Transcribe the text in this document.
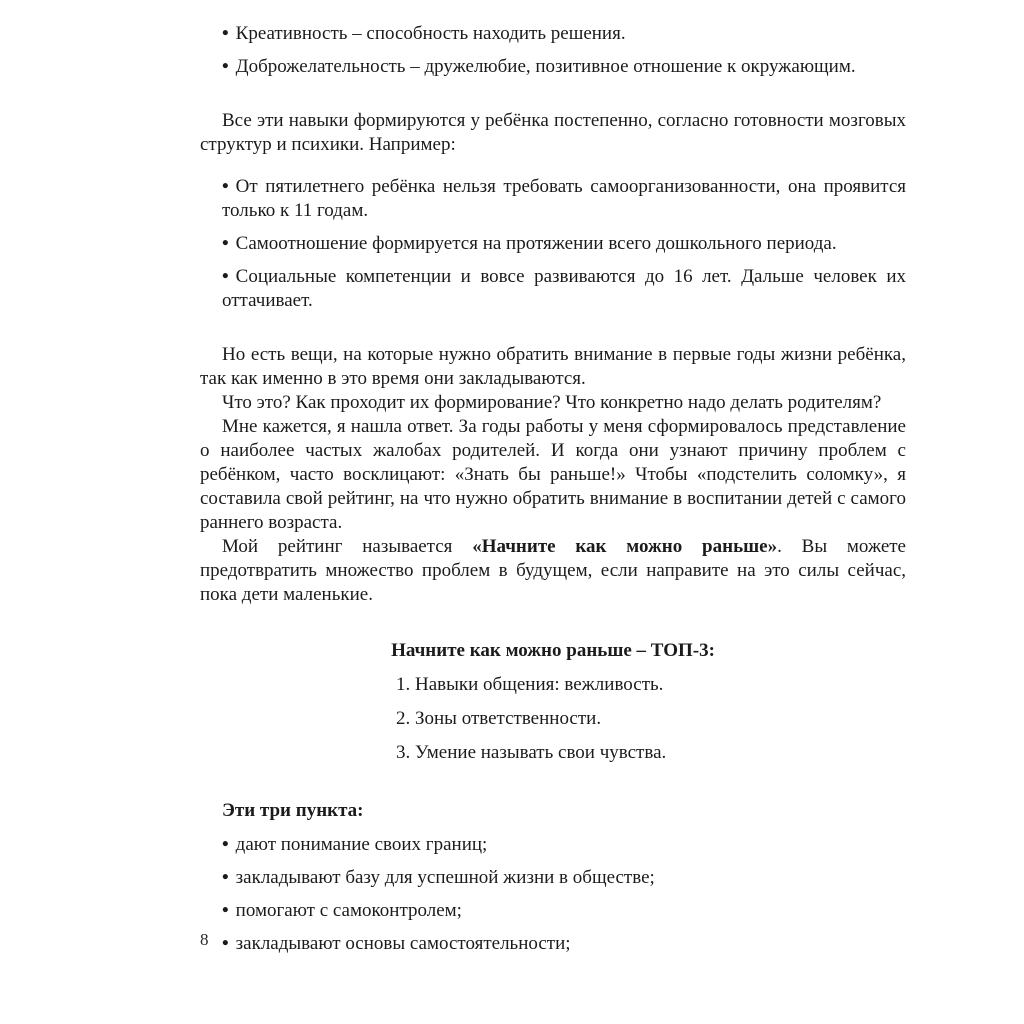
• Креативность – способность находить решения.
• Доброжелательность – дружелюбие, позитивное отношение к окружающим.

Все эти навыки формируются у ребёнка постепенно, согласно готовности мозговых структур и психики. Например:

• От пятилетнего ребёнка нельзя требовать самоорганизованности, она проявится только к 11 годам.
• Самоотношение формируется на протяжении всего дошкольного периода.
• Социальные компетенции и вовсе развиваются до 16 лет. Дальше человек их оттачивает.

Но есть вещи, на которые нужно обратить внимание в первые годы жизни ребёнка, так как именно в это время они закладываются.

Что это? Как проходит их формирование? Что конкретно надо делать родителям?

Мне кажется, я нашла ответ. За годы работы у меня сформировалось представление о наиболее частых жалобах родителей. И когда они узнают причину проблем с ребёнком, часто восклицают: «Знать бы раньше!» Чтобы «подстелить соломку», я составила свой рейтинг, на что нужно обратить внимание в воспитании детей с самого раннего возраста.

Мой рейтинг называется «Начните как можно раньше». Вы можете предотвратить множество проблем в будущем, если направите на это силы сейчас, пока дети маленькие.

Начните как можно раньше – ТОП-3:

1. Навыки общения: вежливость.
2. Зоны ответственности.
3. Умение называть свои чувства.

Эти три пункта:

• дают понимание своих границ;
• закладывают базу для успешной жизни в обществе;
• помогают с самоконтролем;
• закладывают основы самостоятельности;
8
